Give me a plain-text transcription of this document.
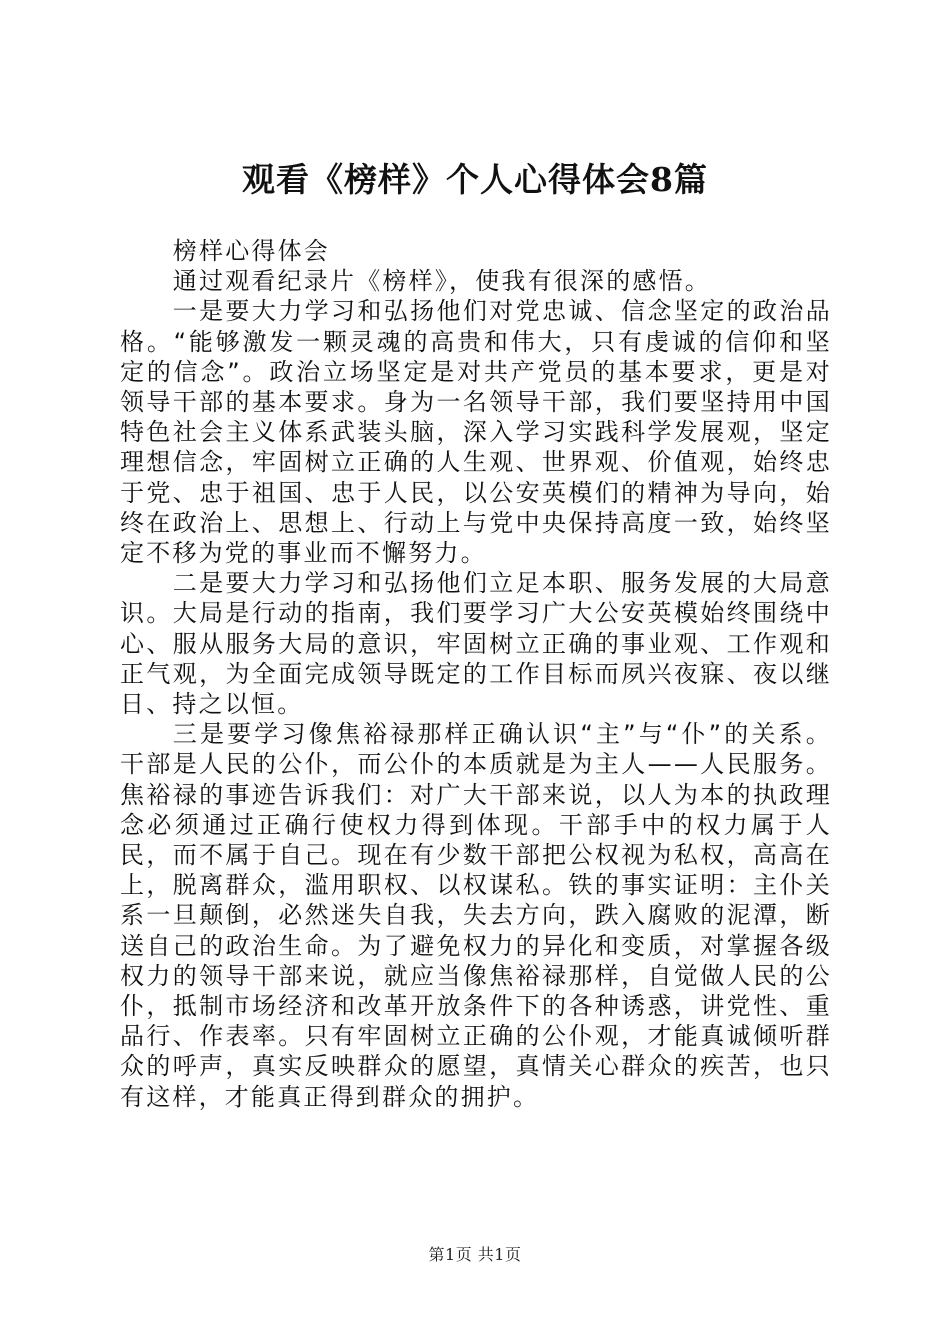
观看《榜样》个人心得体会8篇

榜样心得体会

通过观看纪录片《榜样》，使我有很深的感悟。

一是要大力学习和弘扬他们对党忠诚、信念坚定的政治品格。“能够激发一颗灵魂的高贵和伟大，只有虔诚的信仰和坚定的信念”。政治立场坚定是对共产党员的基本要求，更是对领导干部的基本要求。身为一名领导干部，我们要坚持用中国特色社会主义体系武装头脑，深入学习实践科学发展观，坚定理想信念，牢固树立正确的人生观、世界观、价值观，始终忠于党、忠于祖国、忠于人民，以公安英模们的精神为导向，始终在政治上、思想上、行动上与党中央保持高度一致，始终坚定不移为党的事业而不懈努力。

二是要大力学习和弘扬他们立足本职、服务发展的大局意识。大局是行动的指南，我们要学习广大公安英模始终围绕中心、服从服务大局的意识，牢固树立正确的事业观、工作观和正气观，为全面完成领导既定的工作目标而夙兴夜寐、夜以继日、持之以恒。

三是要学习像焦裕禄那样正确认识“主”与“仆”的关系。干部是人民的公仆，而公仆的本质就是为主人——人民服务。焦裕禄的事迹告诉我们：对广大干部来说，以人为本的执政理念必须通过正确行使权力得到体现。干部手中的权力属于人民，而不属于自己。现在有少数干部把公权视为私权，高高在上，脱离群众，滥用职权、以权谋私。铁的事实证明：主仆关系一旦颠倒，必然迷失自我，失去方向，跌入腐败的泥潭，断送自己的政治生命。为了避免权力的异化和变质，对掌握各级权力的领导干部来说，就应当像焦裕禄那样，自觉做人民的公仆，抵制市场经济和改革开放条件下的各种诱惑，讲党性、重品行、作表率。只有牢固树立正确的公仆观，才能真诚倾听群众的呼声，真实反映群众的愿望，真情关心群众的疾苦，也只有这样，才能真正得到群众的拥护。

第1页 共1页
